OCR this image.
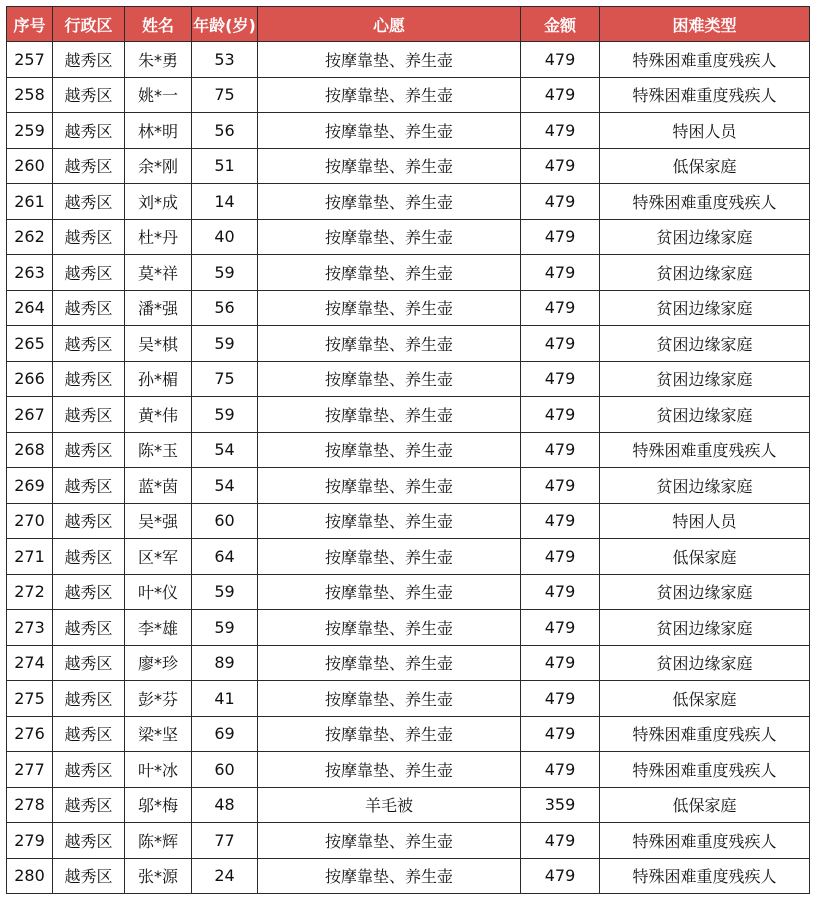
序号	行政区	姓名	年龄(岁)	心愿	金额	困难类型
257	越秀区	朱*勇	53	按摩靠垫、养生壶	479	特殊困难重度残疾人
258	越秀区	姚*一	75	按摩靠垫、养生壶	479	特殊困难重度残疾人
259	越秀区	林*明	56	按摩靠垫、养生壶	479	特困人员
260	越秀区	余*刚	51	按摩靠垫、养生壶	479	低保家庭
261	越秀区	刘*成	14	按摩靠垫、养生壶	479	特殊困难重度残疾人
262	越秀区	杜*丹	40	按摩靠垫、养生壶	479	贫困边缘家庭
263	越秀区	莫*祥	59	按摩靠垫、养生壶	479	贫困边缘家庭
264	越秀区	潘*强	56	按摩靠垫、养生壶	479	贫困边缘家庭
265	越秀区	吴*棋	59	按摩靠垫、养生壶	479	贫困边缘家庭
266	越秀区	孙*楣	75	按摩靠垫、养生壶	479	贫困边缘家庭
267	越秀区	黄*伟	59	按摩靠垫、养生壶	479	贫困边缘家庭
268	越秀区	陈*玉	54	按摩靠垫、养生壶	479	特殊困难重度残疾人
269	越秀区	蓝*茵	54	按摩靠垫、养生壶	479	贫困边缘家庭
270	越秀区	吴*强	60	按摩靠垫、养生壶	479	特困人员
271	越秀区	区*军	64	按摩靠垫、养生壶	479	低保家庭
272	越秀区	叶*仪	59	按摩靠垫、养生壶	479	贫困边缘家庭
273	越秀区	李*雄	59	按摩靠垫、养生壶	479	贫困边缘家庭
274	越秀区	廖*珍	89	按摩靠垫、养生壶	479	贫困边缘家庭
275	越秀区	彭*芬	41	按摩靠垫、养生壶	479	低保家庭
276	越秀区	梁*坚	69	按摩靠垫、养生壶	479	特殊困难重度残疾人
277	越秀区	叶*冰	60	按摩靠垫、养生壶	479	特殊困难重度残疾人
278	越秀区	邬*梅	48	羊毛被	359	低保家庭
279	越秀区	陈*辉	77	按摩靠垫、养生壶	479	特殊困难重度残疾人
280	越秀区	张*源	24	按摩靠垫、养生壶	479	特殊困难重度残疾人
